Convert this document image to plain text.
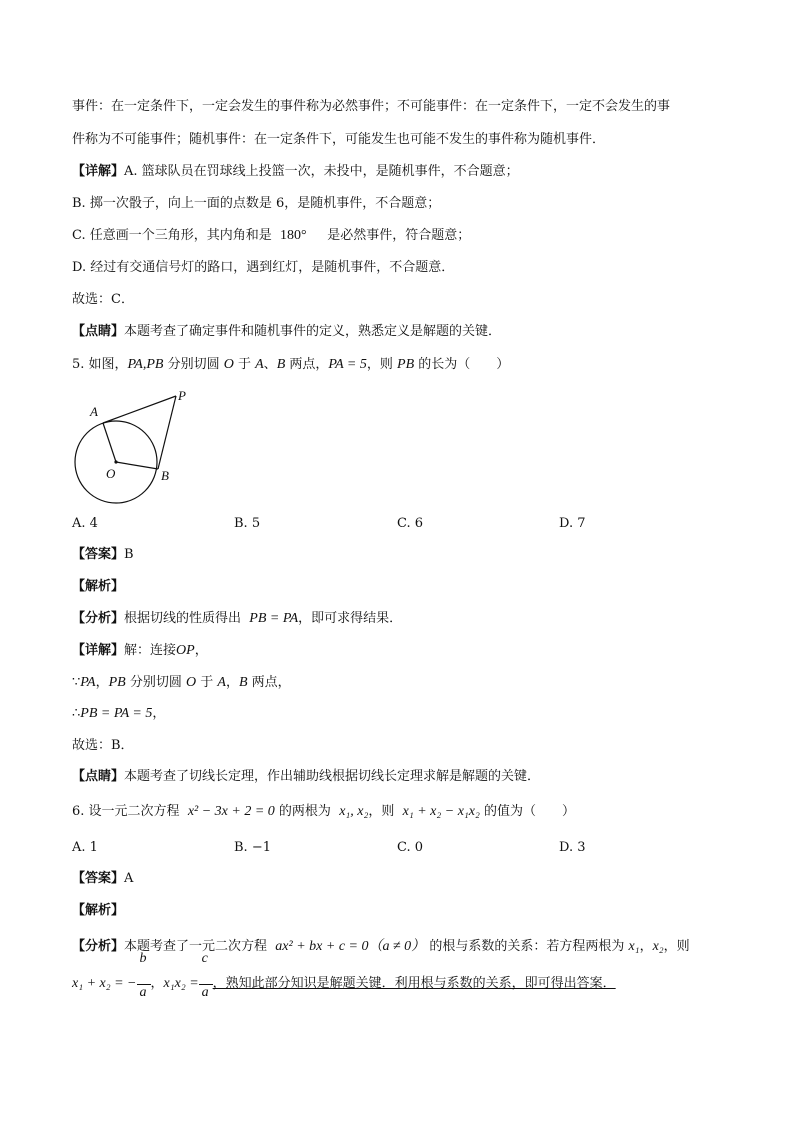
事件：在一定条件下，一定会发生的事件称为必然事件；不可能事件：在一定条件下，一定不会发生的事
件称为不可能事件；随机事件：在一定条件下，可能发生也可能不发生的事件称为随机事件．
【详解】A. 篮球队员在罚球线上投篮一次，未投中，是随机事件，不合题意；
B. 掷一次骰子，向上一面的点数是 6，是随机事件，不合题意；
C. 任意画一个三角形，其内角和是 180° 是必然事件，符合题意；
D. 经过有交通信号灯的路口，遇到红灯，是随机事件，不合题意．
故选：C．
【点睛】本题考查了确定事件和随机事件的定义，熟悉定义是解题的关键．
5. 如图，PA,PB 分别切圆 O 于 A、B 两点，PA = 5，则 PB 的长为（　　）
A
P
O	B
A. 4	B. 5	C. 6	D. 7
【答案】B
【解析】
【分析】根据切线的性质得出 PB = PA，即可求得结果．
【详解】解：连接OP，
∵PA，PB 分别切圆 O 于 A，B 两点，
∴PB = PA = 5，
故选：B．
【点睛】本题考查了切线长定理，作出辅助线根据切线长定理求解是解题的关键．
6. 设一元二次方程 x² − 3x + 2 = 0 的两根为 x₁, x₂，则 x₁ + x₂ − x₁x₂ 的值为（　　）
A. 1	B. −1	C. 0	D. 3
【答案】A
【解析】
【分析】本题考查了一元二次方程 ax² + bx + c = 0（a ≠ 0） 的根与系数的关系：若方程两根为 x₁，x₂，则
x₁ + x₂ = − $\frac{b}{a}$ ，$x_1x_2 = \frac{c}{a}$ ，熟知此部分知识是解题关键．利用根与系数的关系，即可得出答案．
